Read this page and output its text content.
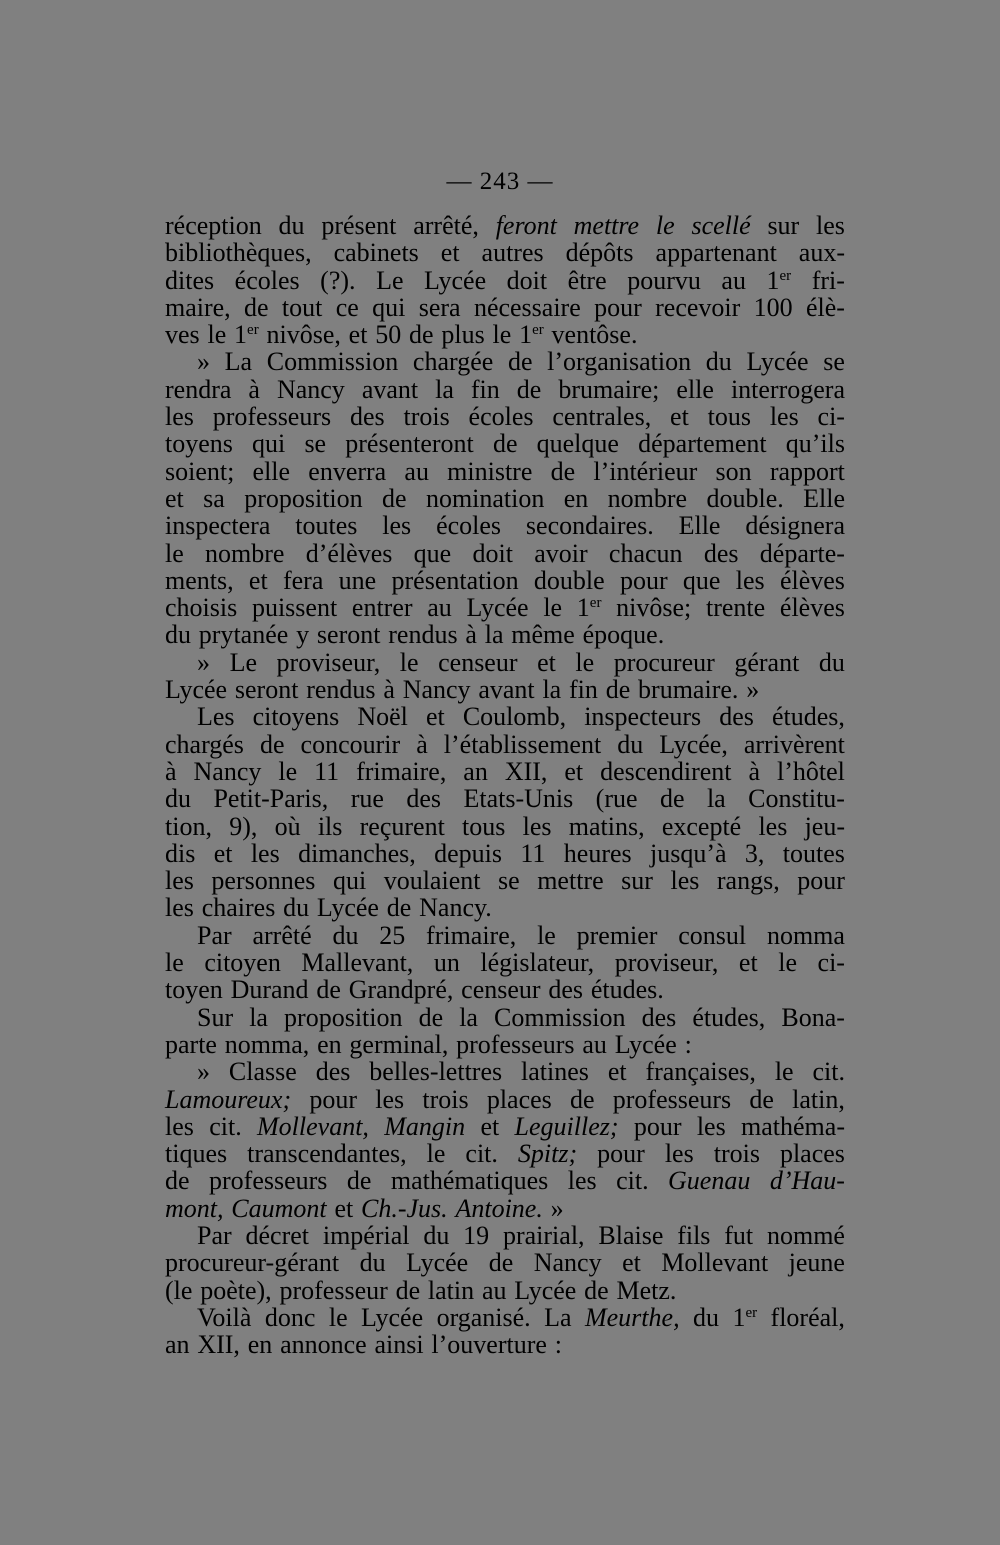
— 243 —
réception du présent arrêté, feront mettre le scellé sur les
bibliothèques, cabinets et autres dépôts appartenant aux-
dites écoles (?). Le Lycée doit être pourvu au 1er fri-
maire, de tout ce qui sera nécessaire pour recevoir 100 élè-
ves le 1er nivôse, et 50 de plus le 1er ventôse.
» La Commission chargée de l’organisation du Lycée se
rendra à Nancy avant la fin de brumaire; elle interrogera
les professeurs des trois écoles centrales, et tous les ci-
toyens qui se présenteront de quelque département qu’ils
soient; elle enverra au ministre de l’intérieur son rapport
et sa proposition de nomination en nombre double. Elle
inspectera toutes les écoles secondaires. Elle désignera
le nombre d’élèves que doit avoir chacun des départe-
ments, et fera une présentation double pour que les élèves
choisis puissent entrer au Lycée le 1er nivôse; trente élèves
du prytanée y seront rendus à la même époque.
» Le proviseur, le censeur et le procureur gérant du
Lycée seront rendus à Nancy avant la fin de brumaire. »
Les citoyens Noël et Coulomb, inspecteurs des études,
chargés de concourir à l’établissement du Lycée, arrivèrent
à Nancy le 11 frimaire, an XII, et descendirent à l’hôtel
du Petit-Paris, rue des Etats-Unis (rue de la Constitu-
tion, 9), où ils reçurent tous les matins, excepté les jeu-
dis et les dimanches, depuis 11 heures jusqu’à 3, toutes
les personnes qui voulaient se mettre sur les rangs, pour
les chaires du Lycée de Nancy.
Par arrêté du 25 frimaire, le premier consul nomma
le citoyen Mallevant, un législateur, proviseur, et le ci-
toyen Durand de Grandpré, censeur des études.
Sur la proposition de la Commission des études, Bona-
parte nomma, en germinal, professeurs au Lycée :
» Classe des belles-lettres latines et françaises, le cit.
Lamoureux; pour les trois places de professeurs de latin,
les cit. Mollevant, Mangin et Leguillez; pour les mathéma-
tiques transcendantes, le cit. Spitz; pour les trois places
de professeurs de mathématiques les cit. Guenau d’Hau-
mont, Caumont et Ch.-Jus. Antoine. »
Par décret impérial du 19 prairial, Blaise fils fut nommé
procureur-gérant du Lycée de Nancy et Mollevant jeune
(le poète), professeur de latin au Lycée de Metz.
Voilà donc le Lycée organisé. La Meurthe, du 1er floréal,
an XII, en annonce ainsi l’ouverture :
